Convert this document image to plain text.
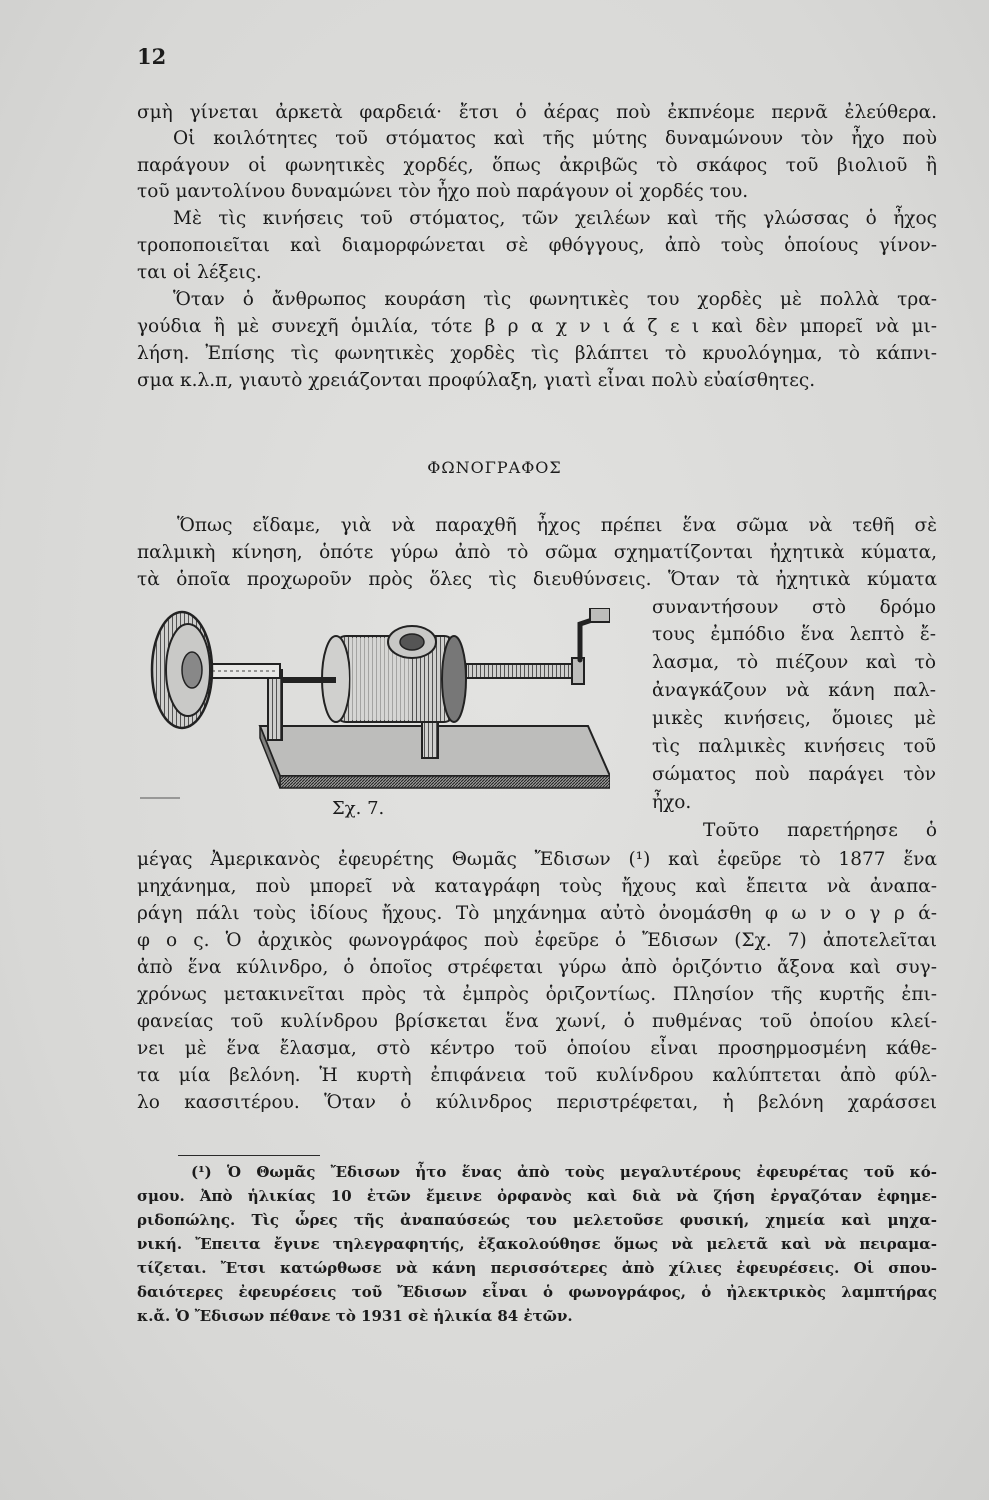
12
σμὴ γίνεται ἀρκετὰ φαρδειά· ἔτσι ὁ ἀέρας ποὺ ἐκπνέομε περνᾶ ἐλεύθερα.
Οἱ κοιλότητες τοῦ στόματος καὶ τῆς μύτης δυναμώνουν τὸν ἦχο ποὺ
παράγουν οἱ φωνητικὲς χορδές, ὅπως ἀκριβῶς τὸ σκάφος τοῦ βιολιοῦ ἢ
τοῦ μαντολίνου δυναμώνει τὸν ἦχο ποὺ παράγουν οἱ χορδές του.
Μὲ τὶς κινήσεις τοῦ στόματος, τῶν χειλέων καὶ τῆς γλώσσας ὁ ἦχος
τροποποιεῖται καὶ διαμορφώνεται σὲ φθόγγους, ἀπὸ τοὺς ὁποίους γίνον-
ται οἱ λέξεις.
Ὅταν ὁ ἄνθρωπος κουράση τὶς φωνητικὲς του χορδὲς μὲ πολλὰ τρα-
γούδια ἢ μὲ συνεχῆ ὁμιλία, τότε β ρ α χ ν ι ά ζ ε ι καὶ δὲν μπορεῖ νὰ μι-
λήση. Ἐπίσης τὶς φωνητικὲς χορδὲς τὶς βλάπτει τὸ κρυολόγημα, τὸ κάπνι-
σμα κ.λ.π, γιαυτὸ χρειάζονται προφύλαξη, γιατὶ εἶναι πολὺ εὐαίσθητες.
ΦΩΝΟΓΡΑΦΟΣ
Ὅπως εἴδαμε, γιὰ νὰ παραχθῆ ἦχος πρέπει ἕνα σῶμα νὰ τεθῆ σὲ
παλμικὴ κίνηση, ὁπότε γύρω ἀπὸ τὸ σῶμα σχηματίζονται ἠχητικὰ κύματα,
τὰ ὁποῖα προχωροῦν πρὸς ὅλες τὶς διευθύνσεις. Ὅταν τὰ ἠχητικὰ κύματα
συναντήσουν στὸ δρόμο
τους ἐμπόδιο ἕνα λεπτὸ ἔ-
λασμα, τὸ πιέζουν καὶ τὸ
ἀναγκάζουν νὰ κάνη παλ-
μικὲς κινήσεις, ὅμοιες μὲ
τὶς παλμικὲς κινήσεις τοῦ
σώματος ποὺ παράγει τὸν
ἦχο.
Σχ. 7.
Τοῦτο παρετήρησε ὁ
μέγας Ἀμερικανὸς ἐφευρέτης Θωμᾶς Ἔδισων (¹) καὶ ἐφεῦρε τὸ 1877 ἕνα
μηχάνημα, ποὺ μπορεῖ νὰ καταγράφη τοὺς ἤχους καὶ ἔπειτα νὰ ἀναπα-
ράγη πάλι τοὺς ἰδίους ἤχους. Τὸ μηχάνημα αὐτὸ ὀνομάσθη φ ω ν ο γ ρ ά-
φ ο ς. Ὁ ἀρχικὸς φωνογράφος ποὺ ἐφεῦρε ὁ Ἔδισων (Σχ. 7) ἀποτελεῖται
ἀπὸ ἕνα κύλινδρο, ὁ ὁποῖος στρέφεται γύρω ἀπὸ ὁριζόντιο ἄξονα καὶ συγ-
χρόνως μετακινεῖται πρὸς τὰ ἐμπρὸς ὁριζοντίως. Πλησίον τῆς κυρτῆς ἐπι-
φανείας τοῦ κυλίνδρου βρίσκεται ἕνα χωνί, ὁ πυθμένας τοῦ ὁποίου κλεί-
νει μὲ ἕνα ἔλασμα, στὸ κέντρο τοῦ ὁποίου εἶναι προσηρμοσμένη κάθε-
τα μία βελόνη. Ἡ κυρτὴ ἐπιφάνεια τοῦ κυλίνδρου καλύπτεται ἀπὸ φύλ-
λο κασσιτέρου. Ὅταν ὁ κύλινδρος περιστρέφεται, ἡ βελόνη χαράσσει
(¹) Ὁ Θωμᾶς Ἔδισων ἦτο ἕνας ἀπὸ τοὺς μεγαλυτέρους ἐφευρέτας τοῦ κό-
σμου. Ἀπὸ ἡλικίας 10 ἐτῶν ἔμεινε ὀρφανὸς καὶ διὰ νὰ ζήση ἐργαζόταν ἐφημε-
ριδοπώλης. Τὶς ὧρες τῆς ἀναπαύσεώς του μελετοῦσε φυσική, χημεία καὶ μηχα-
νική. Ἔπειτα ἔγινε τηλεγραφητής, ἐξακολούθησε ὅμως νὰ μελετᾶ καὶ νὰ πειραμα-
τίζεται. Ἔτσι κατώρθωσε νὰ κάνη περισσότερες ἀπὸ χίλιες ἐφευρέσεις. Οἱ σπου-
δαιότερες ἐφευρέσεις τοῦ Ἔδισων εἶναι ὁ φωνογράφος, ὁ ἠλεκτρικὸς λαμπτήρας
κ.ἄ. Ὁ Ἔδισων πέθανε τὸ 1931 σὲ ἡλικία 84 ἐτῶν.
